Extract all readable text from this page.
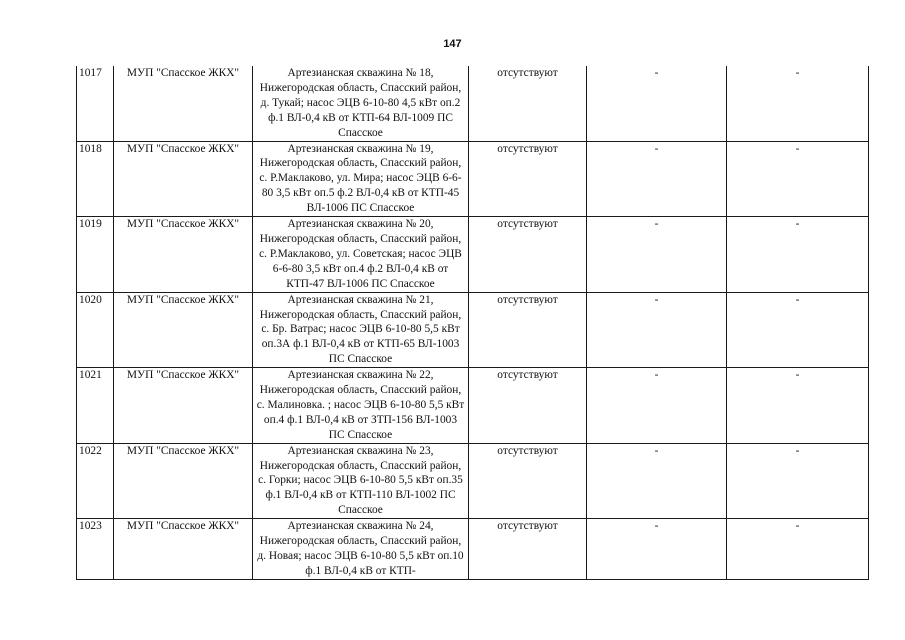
147
1017	МУП "Спасское ЖКХ"	Артезианская скважина № 18, Нижегородская область, Спасский район, д. Тукай; насос ЭЦВ 6-10-80 4,5 кВт оп.2 ф.1 ВЛ-0,4 кВ от КТП-64 ВЛ-1009 ПС Спасское	отсутствуют	-	-
1018	МУП "Спасское ЖКХ"	Артезианская скважина № 19, Нижегородская область, Спасский район, с. Р.Маклаково, ул. Мира; насос ЭЦВ 6-6-80 3,5 кВт оп.5 ф.2 ВЛ-0,4 кВ от КТП-45 ВЛ-1006 ПС Спасское	отсутствуют	-	-
1019	МУП "Спасское ЖКХ"	Артезианская скважина № 20, Нижегородская область, Спасский район, с. Р.Маклаково, ул. Советская; насос ЭЦВ 6-6-80 3,5 кВт оп.4 ф.2 ВЛ-0,4 кВ от КТП-47 ВЛ-1006 ПС Спасское	отсутствуют	-	-
1020	МУП "Спасское ЖКХ"	Артезианская скважина № 21, Нижегородская область, Спасский район, с. Бр. Ватрас; насос ЭЦВ 6-10-80 5,5 кВт оп.3А ф.1 ВЛ-0,4 кВ от КТП-65 ВЛ-1003 ПС Спасское	отсутствуют	-	-
1021	МУП "Спасское ЖКХ"	Артезианская скважина № 22, Нижегородская область, Спасский район, с. Малиновка. ; насос ЭЦВ 6-10-80 5,5 кВт оп.4 ф.1 ВЛ-0,4 кВ от ЗТП-156 ВЛ-1003 ПС Спасское	отсутствуют	-	-
1022	МУП "Спасское ЖКХ"	Артезианская скважина № 23, Нижегородская область, Спасский район, с. Горки; насос ЭЦВ 6-10-80 5,5 кВт оп.35 ф.1 ВЛ-0,4 кВ от КТП-110 ВЛ-1002 ПС Спасское	отсутствуют	-	-
1023	МУП "Спасское ЖКХ"	Артезианская скважина № 24, Нижегородская область, Спасский район, д. Новая; насос ЭЦВ 6-10-80 5,5 кВт оп.10 ф.1 ВЛ-0,4 кВ от КТП-	отсутствуют	-	-
